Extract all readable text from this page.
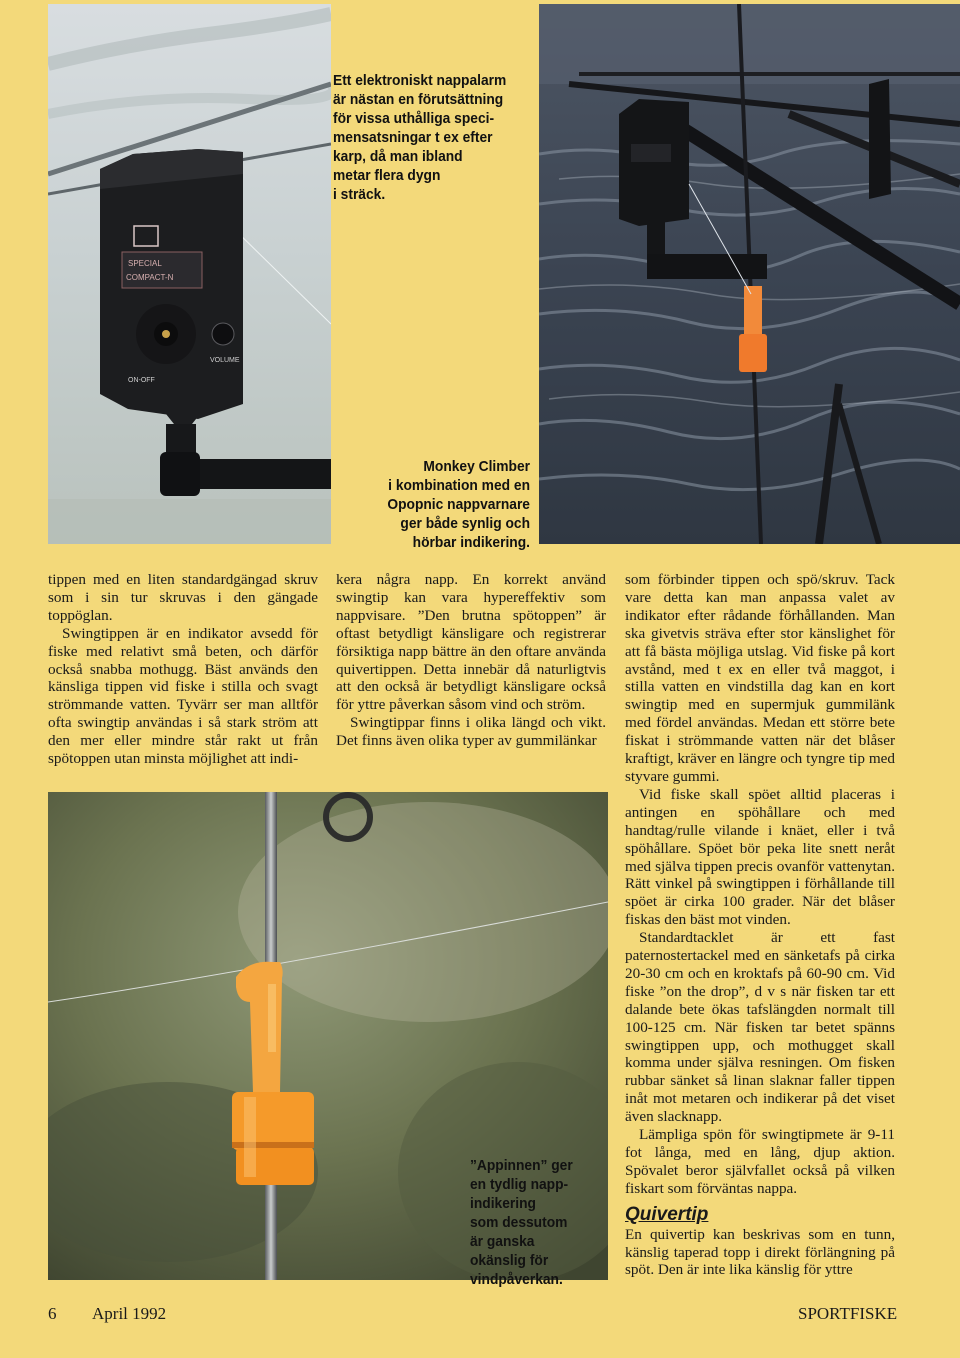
SPECIAL
COMPACT-N
VOLUME
ON-OFF
Ett elektroniskt nappalarm
är nästan en förutsättning
för vissa uthålliga speci-
mensatsningar t ex efter
karp, då man ibland
metar flera dygn
i sträck.
Monkey Climber
i kombination med en
Opopnic nappvarnare
ger både synlig och
hörbar indikering.

tippen med en liten standardgängad skruv som i sin tur skruvas i den gängade toppöglan.

Swingtippen är en indikator avsedd för fiske med relativt små beten, och därför också snabba mothugg. Bäst används den känsliga tippen vid fiske i stilla och svagt strömmande vatten. Tyvärr ser man alltför ofta swingtip användas i så stark ström att den mer eller mindre står rakt ut från spötoppen utan minsta möjlighet att indi-

kera några napp. En korrekt använd swingtip kan vara hypereffektiv som nappvisare. ”Den brutna spötoppen” är oftast betydligt känsligare och registrerar försiktiga napp bättre än den oftare använda quivertippen. Detta innebär då naturligtvis att den också är betydligt känsligare också för yttre påverkan såsom vind och ström.

Swingtippar finns i olika längd och vikt. Det finns även olika typer av gummilänkar

som förbinder tippen och spö/skruv. Tack vare detta kan man anpassa valet av indikator efter rådande förhållanden. Man ska givetvis sträva efter stor känslighet för att få bästa möjliga utslag. Vid fiske på kort avstånd, med t ex en eller två maggot, i stilla vatten en vindstilla dag kan en kort swingtip med en supermjuk gummilänk med fördel användas. Medan ett större bete fiskat i strömmande vatten när det blåser kraftigt, kräver en längre och tyngre tip med styvare gummi.

Vid fiske skall spöet alltid placeras i antingen en spöhållare och med handtag/rulle vilande i knäet, eller i två spöhållare. Spöet bör peka lite snett neråt med själva tippen precis ovanför vattenytan. Rätt vinkel på swingtippen i förhållande till spöet är cirka 100 grader. När det blåser fiskas den bäst mot vinden.

Standardtacklet är ett fast paternostertackel med en sänketafs på cirka 20-30 cm och en kroktafs på 60-90 cm. Vid fiske ”on the drop”, d v s när fisken tar ett dalande bete ökas tafslängden normalt till 100-125 cm. När fisken tar betet spänns swingtippen upp, och mothugget skall komma under själva resningen. Om fisken rubbar sänket så linan slaknar faller tippen inåt mot metaren och indikerar på det viset även slacknapp.

Lämpliga spön för swingtipmete är 9-11 fot långa, med en lång, djup aktion. Spövalet beror självfallet också på vilken fiskart som förväntas nappa.

Quivertip

En quivertip kan beskrivas som en tunn, känslig taperad topp i direkt förlängning på spöt. Den är inte lika känslig för yttre

”Appinnen” ger
en tydlig napp-
indikering
som dessutom
är ganska
okänslig för
vindpåverkan.
6 April 1992	SPORTFISKE
